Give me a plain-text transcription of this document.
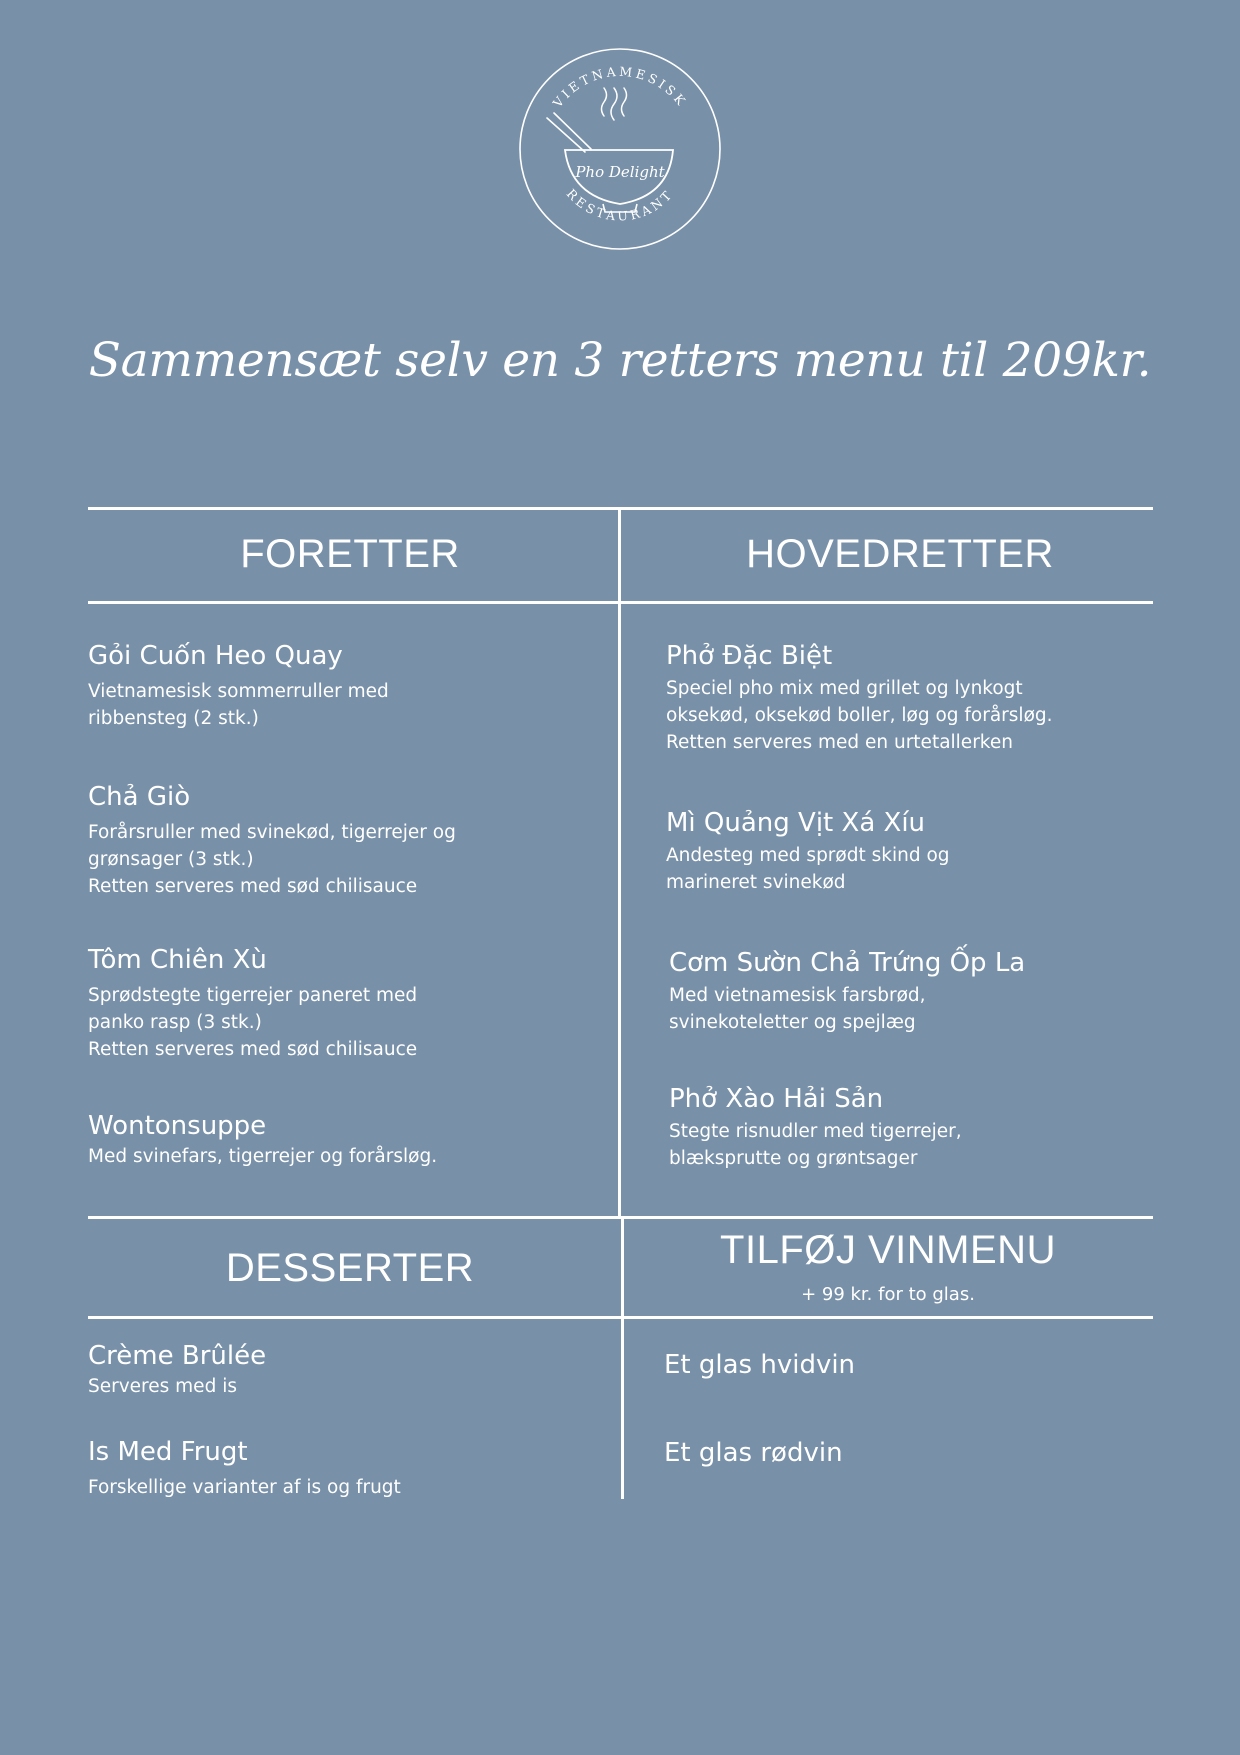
VIETNAMESISK
RESTAURANT
Pho Delight
Sammensæt selv en 3 retters menu til 209kr.
FORETTER	HOVEDRETTER
DESSERTER	TILFØJ VINMENU
+ 99 kr. for to glas.

Gỏi Cuốn Heo Quay

Vietnamesisk sommerruller med
ribbensteg (2 stk.)

Chả Giò

Forårsruller med svinekød, tigerrejer og
grønsager (3 stk.)
Retten serveres med sød chilisauce

Tôm Chiên Xù

Sprødstegte tigerrejer paneret med
panko rasp (3 stk.)
Retten serveres med sød chilisauce

Wontonsuppe

Med svinefars, tigerrejer og forårsløg.

Phở Đặc Biệt

Speciel pho mix med grillet og lynkogt
oksekød, oksekød boller, løg og forårsløg.
Retten serveres med en urtetallerken

Mì Quảng Vịt Xá Xíu

Andesteg med sprødt skind og
marineret svinekød

Cơm Sườn Chả Trứng Ốp La

Med vietnamesisk farsbrød,
svinekoteletter og spejlæg

Phở Xào Hải Sản

Stegte risnudler med tigerrejer,
blæksprutte og grøntsager

Crème Brûlée

Serveres med is

Is Med Frugt

Forskellige varianter af is og frugt

Et glas hvidvin
Et glas rødvin
